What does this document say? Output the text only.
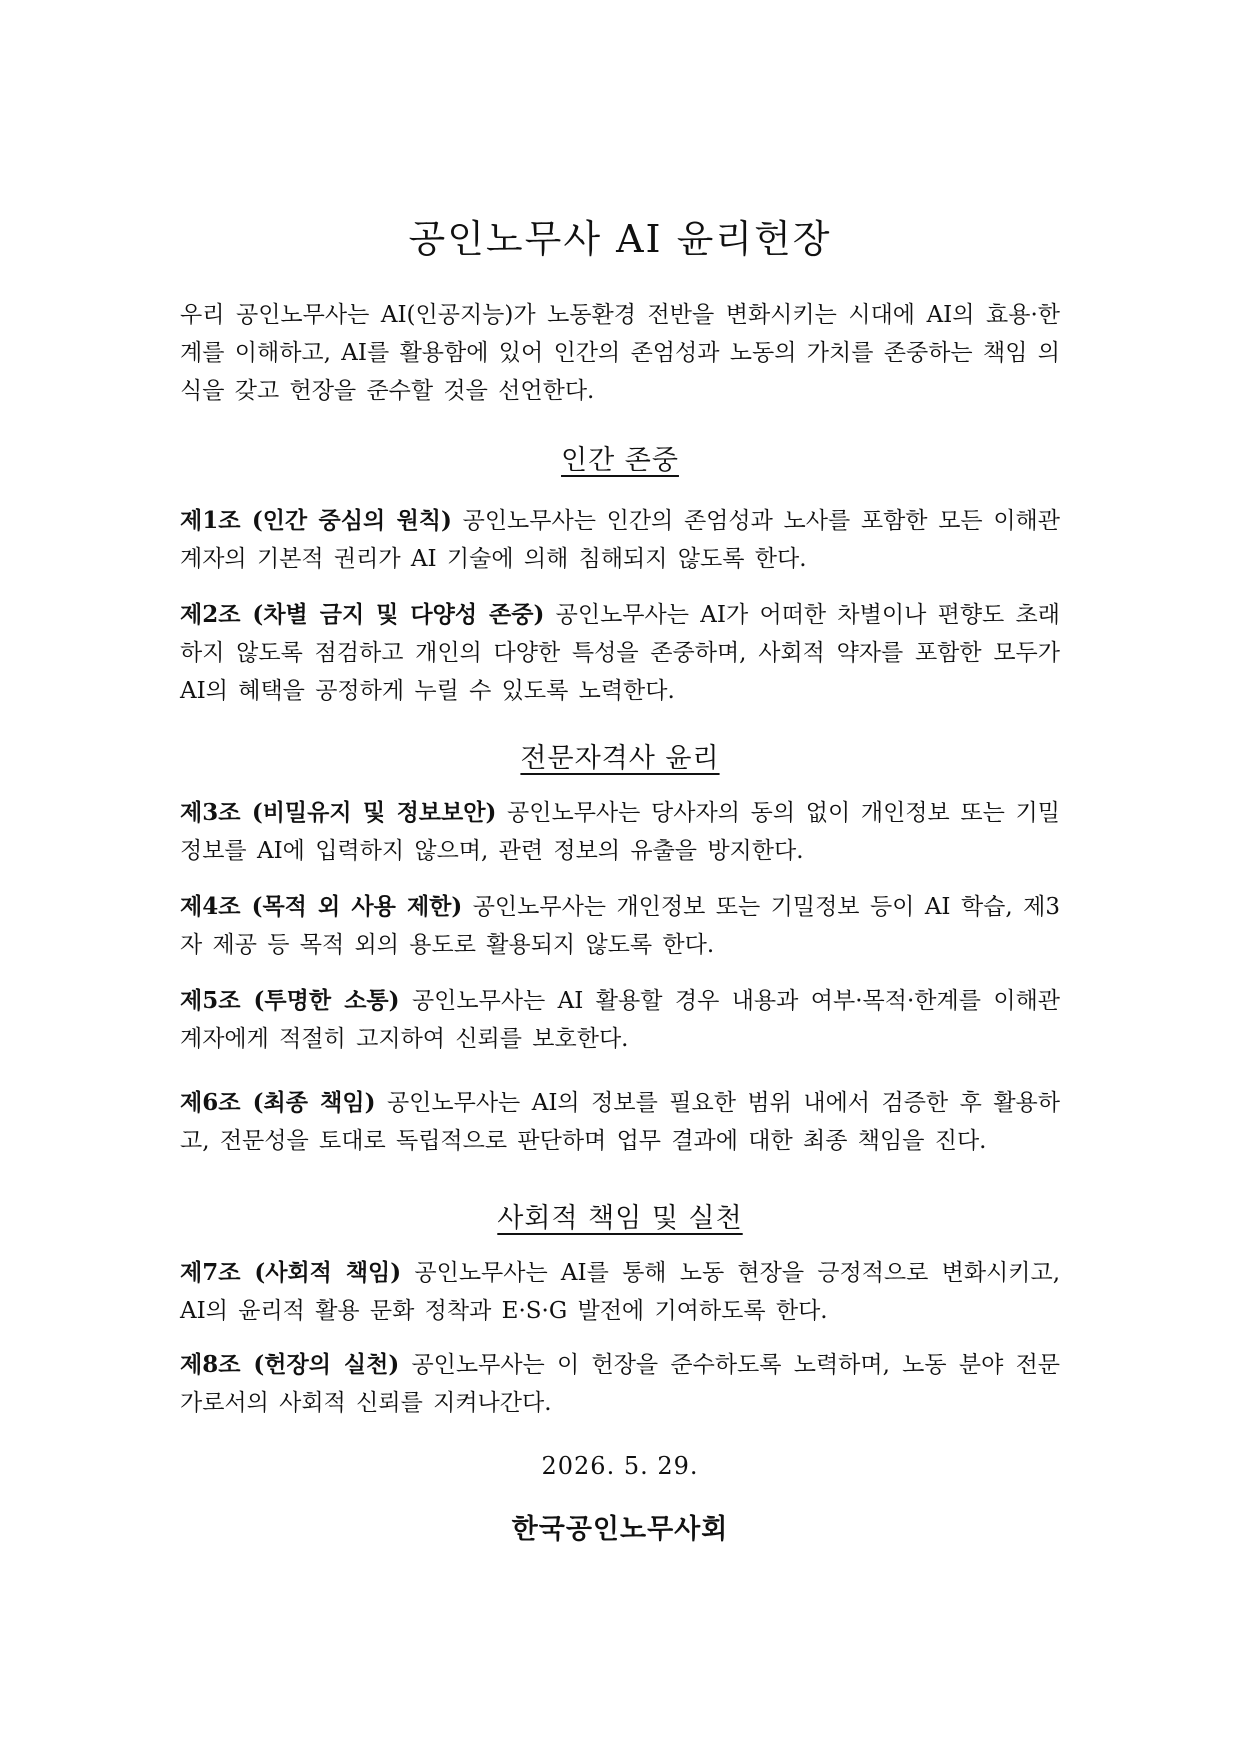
공인노무사 AI 윤리헌장

우리 공인노무사는 AI(인공지능)가 노동환경 전반을 변화시키는 시대에 AI의 효용·한계를 이해하고, AI를 활용함에 있어 인간의 존엄성과 노동의 가치를 존중하는 책임 의식을 갖고 헌장을 준수할 것을 선언한다.

인간 존중

제1조 (인간 중심의 원칙) 공인노무사는 인간의 존엄성과 노사를 포함한 모든 이해관계자의 기본적 권리가 AI 기술에 의해 침해되지 않도록 한다.

제2조 (차별 금지 및 다양성 존중) 공인노무사는 AI가 어떠한 차별이나 편향도 초래하지 않도록 점검하고 개인의 다양한 특성을 존중하며, 사회적 약자를 포함한 모두가 AI의 혜택을 공정하게 누릴 수 있도록 노력한다.

전문자격사 윤리

제3조 (비밀유지 및 정보보안) 공인노무사는 당사자의 동의 없이 개인정보 또는 기밀정보를 AI에 입력하지 않으며, 관련 정보의 유출을 방지한다.

제4조 (목적 외 사용 제한) 공인노무사는 개인정보 또는 기밀정보 등이 AI 학습, 제3자 제공 등 목적 외의 용도로 활용되지 않도록 한다.

제5조 (투명한 소통) 공인노무사는 AI 활용할 경우 내용과 여부·목적·한계를 이해관계자에게 적절히 고지하여 신뢰를 보호한다.

제6조 (최종 책임) 공인노무사는 AI의 정보를 필요한 범위 내에서 검증한 후 활용하고, 전문성을 토대로 독립적으로 판단하며 업무 결과에 대한 최종 책임을 진다.

사회적 책임 및 실천

제7조 (사회적 책임) 공인노무사는 AI를 통해 노동 현장을 긍정적으로 변화시키고, AI의 윤리적 활용 문화 정착과 E·S·G 발전에 기여하도록 한다.

제8조 (헌장의 실천) 공인노무사는 이 헌장을 준수하도록 노력하며, 노동 분야 전문가로서의 사회적 신뢰를 지켜나간다.

2026. 5. 29.
한국공인노무사회
